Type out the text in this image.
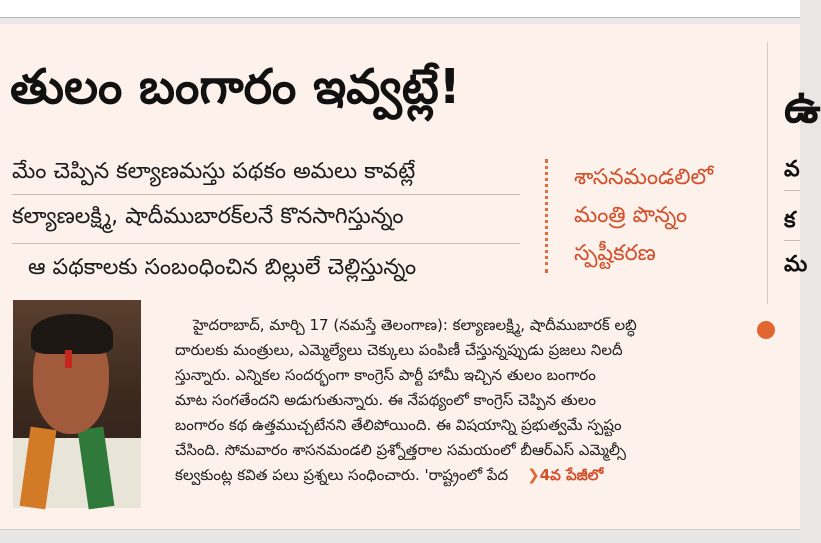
తులం బంగారం ఇవ్వట్లే!	ఉ
వ
క
మ
మేం చెప్పిన కల్యాణమస్తు పథకం అమలు కావట్లే
కల్యాణలక్ష్మి, షాదీముబారక్‌లనే కొనసాగిస్తున్నం
ఆ పథకాలకు సంబంధించిన బిల్లులే చెల్లిస్తున్నం
శాసనమండలిలో
మంత్రి పొన్నం
స్పష్టీకరణ
హైదరాబాద్, మార్చి 17 (నమస్తే తెలంగాణ): కల్యాణలక్ష్మి, షాదీముబారక్ లబ్ధి
దారులకు మంత్రులు, ఎమ్మెల్యేలు చెక్కులు పంపిణీ చేస్తున్నప్పుడు ప్రజలు నిలదీ
స్తున్నారు. ఎన్నికల సందర్భంగా కాంగ్రెస్ పార్టీ హామీ ఇచ్చిన తులం బంగారం
మాట సంగతేందని అడుగుతున్నారు. ఈ నేపథ్యంలో కాంగ్రెస్ చెప్పిన తులం
బంగారం కథ ఉత్తముచ్చటేనని తేలిపోయింది. ఈ విషయాన్ని ప్రభుత్వమే స్పష్టం
చేసింది. సోమవారం శాసనమండలి ప్రశ్నోత్తరాల సమయంలో బీఆర్‌ఎస్ ఎమ్మెల్సీ
కల్వకుంట్ల కవిత పలు ప్రశ్నలు సంధించారు. 'రాష్ట్రంలో పేద ❯4వ పేజీలో
